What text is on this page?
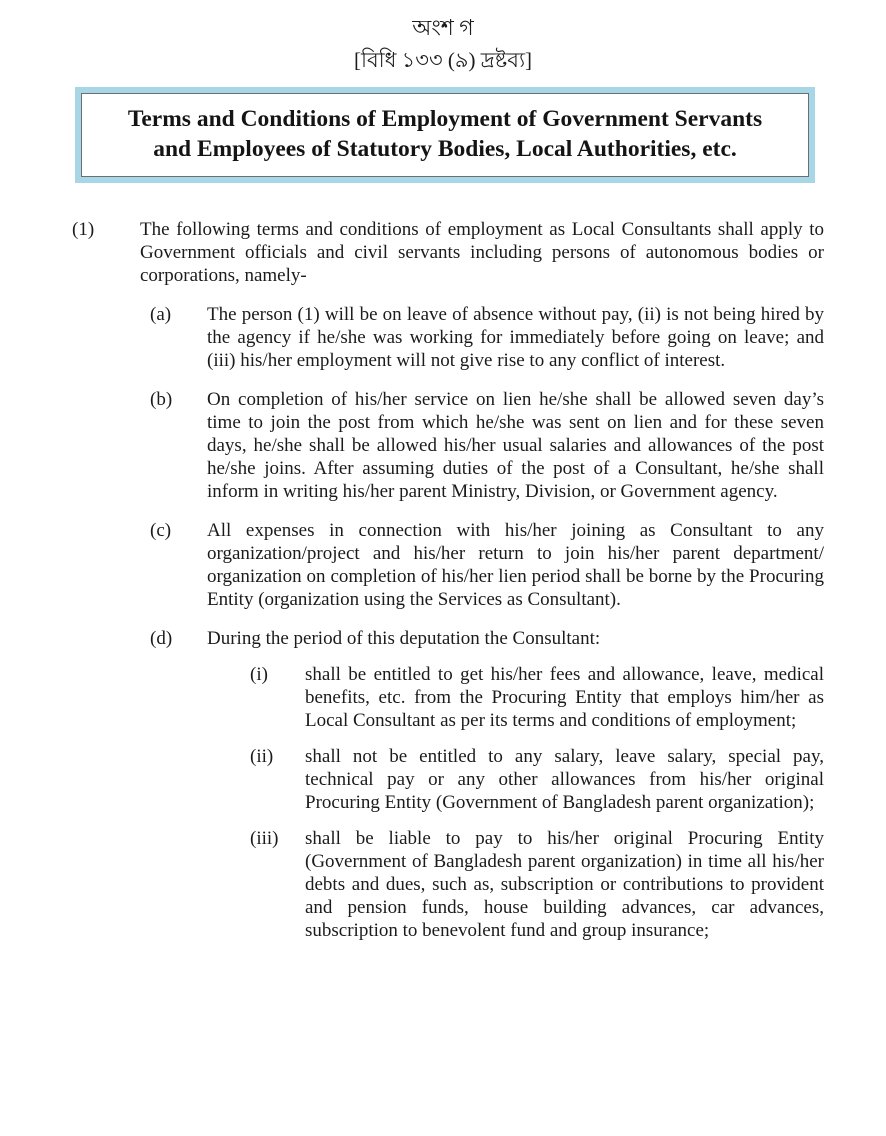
অংশ গ
[বিধি ১৩৩ (৯) দ্রষ্টব্য]
Terms and Conditions of Employment of Government Servants and Employees of Statutory Bodies, Local Authorities, etc.
(1)	The following terms and conditions of employment as Local Consultants shall apply to Government officials and civil servants including persons of autonomous bodies or corporations, namely-
(a)	The person (1) will be on leave of absence without pay, (ii) is not being hired by the agency if he/she was working for immediately before going on leave; and (iii) his/her employment will not give rise to any conflict of interest.
(b)	On completion of his/her service on lien he/she shall be allowed seven day’s time to join the post from which he/she was sent on lien and for these seven days, he/she shall be allowed his/her usual salaries and allowances of the post he/she joins. After assuming duties of the post of a Consultant, he/she shall inform in writing his/her parent Ministry, Division, or Government agency.
(c)	All expenses in connection with his/her joining as Consultant to any organization/project and his/her return to join his/her parent department/ organization on completion of his/her lien period shall be borne by the Procuring Entity (organization using the Services as Consultant).
(d)	During the period of this deputation the Consultant:
(i)	shall be entitled to get his/her fees and allowance, leave, medical benefits, etc. from the Procuring Entity that employs him/her as Local Consultant as per its terms and conditions of employment;
(ii)	shall not be entitled to any salary, leave salary, special pay, technical pay or any other allowances from his/her original Procuring Entity (Government of Bangladesh parent organization);
(iii)	shall be liable to pay to his/her original Procuring Entity (Government of Bangladesh parent organization) in time all his/her debts and dues, such as, subscription or contributions to provident and pension funds, house building advances, car advances, subscription to benevolent fund and group insurance;
